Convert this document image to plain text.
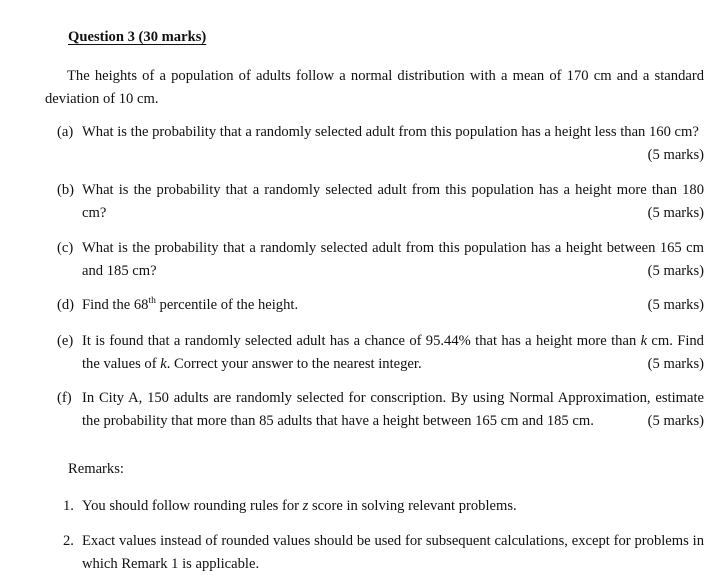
Question 3 (30 marks)
The heights of a population of adults follow a normal distribution with a mean of 170 cm and a standard deviation of 10 cm.
(a) What is the probability that a randomly selected adult from this population has a height less than 160 cm?
(5 marks)
(b) What is the probability that a randomly selected adult from this population has a height more than 180 cm?	(5 marks)
(c) What is the probability that a randomly selected adult from this population has a height between 165 cm and 185 cm?	(5 marks)
(d) Find the 68th percentile of the height.	(5 marks)
(e) It is found that a randomly selected adult has a chance of 95.44% that has a height more than k cm. Find the values of k. Correct your answer to the nearest integer.	(5 marks)
(f) In City A, 150 adults are randomly selected for conscription. By using Normal Approximation, estimate the probability that more than 85 adults that have a height between 165 cm and 185 cm.	(5 marks)
Remarks:
1. You should follow rounding rules for z score in solving relevant problems.
2. Exact values instead of rounded values should be used for subsequent calculations, except for problems in which Remark 1 is applicable.
